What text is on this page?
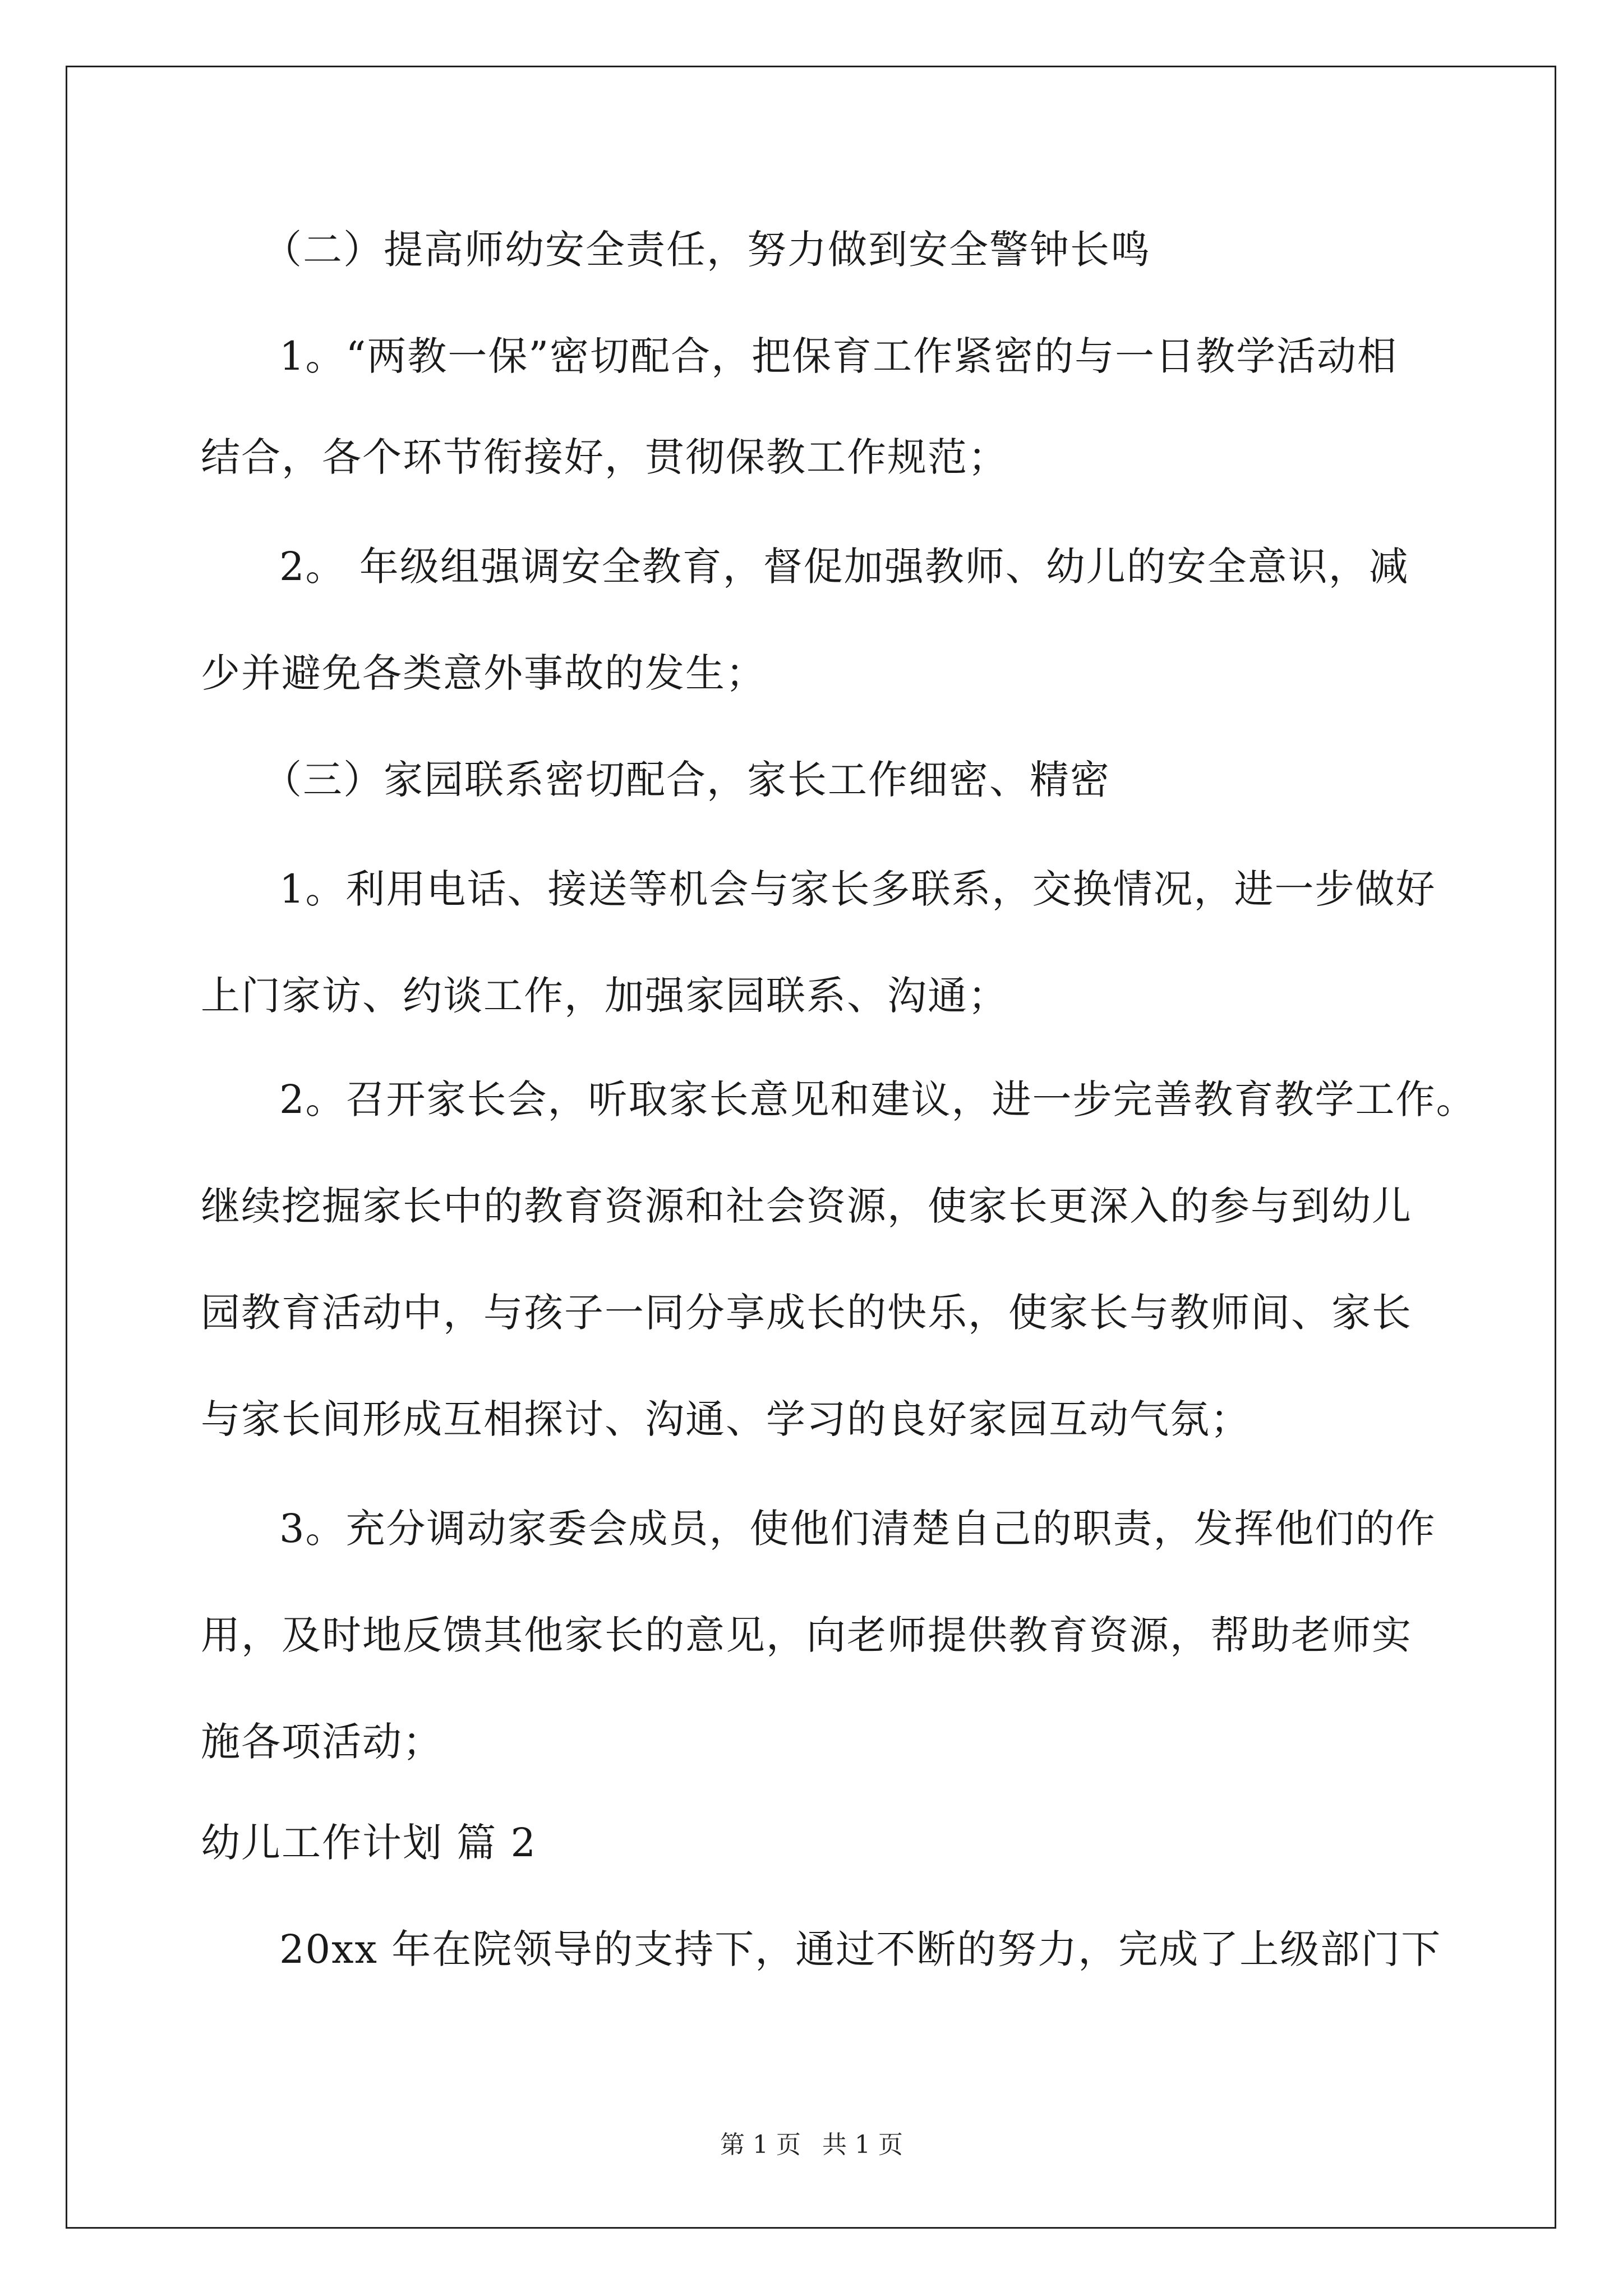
（二）提高师幼安全责任，努力做到安全警钟长鸣
1。“两教一保”密切配合，把保育工作紧密的与一日教学活动相
结合，各个环节衔接好，贯彻保教工作规范；
2。 年级组强调安全教育，督促加强教师、幼儿的安全意识，减
少并避免各类意外事故的发生；
（三）家园联系密切配合，家长工作细密、精密
1。利用电话、接送等机会与家长多联系，交换情况，进一步做好
上门家访、约谈工作，加强家园联系、沟通；
2。召开家长会，听取家长意见和建议，进一步完善教育教学工作。
继续挖掘家长中的教育资源和社会资源，使家长更深入的参与到幼儿
园教育活动中，与孩子一同分享成长的快乐，使家长与教师间、家长
与家长间形成互相探讨、沟通、学习的良好家园互动气氛；
3。充分调动家委会成员，使他们清楚自己的职责，发挥他们的作
用，及时地反馈其他家长的意见，向老师提供教育资源，帮助老师实
施各项活动；
幼儿工作计划 篇 2
20xx 年在院领导的支持下，通过不断的努力，完成了上级部门下
第 1 页 共 1 页
